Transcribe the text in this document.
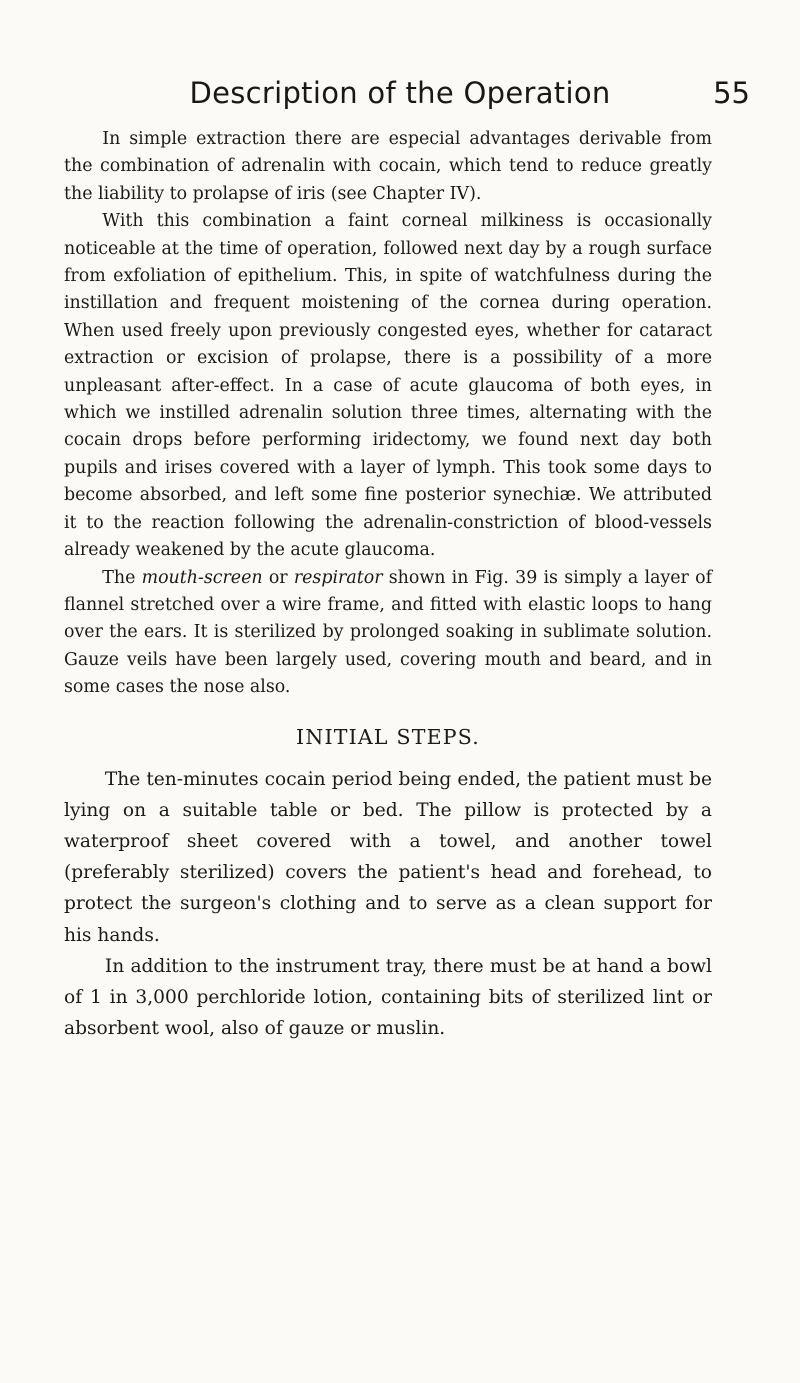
Description of the Operation	55

In simple extraction there are especial advantages derivable from the combination of adrenalin with cocain, which tend to reduce greatly the liability to prolapse of iris (see Chapter IV).

With this combination a faint corneal milkiness is occasionally noticeable at the time of operation, followed next day by a rough surface from exfoliation of epithelium. This, in spite of watchfulness during the instillation and frequent moistening of the cornea during operation. When used freely upon previously congested eyes, whether for cataract extraction or excision of prolapse, there is a possibility of a more unpleasant after-effect. In a case of acute glaucoma of both eyes, in which we instilled adrenalin solution three times, alternating with the cocain drops before performing iridectomy, we found next day both pupils and irises covered with a layer of lymph. This took some days to become absorbed, and left some fine posterior synechiæ. We attributed it to the reaction following the adrenalin-constriction of blood-vessels already weakened by the acute glaucoma.

The mouth-screen or respirator shown in Fig. 39 is simply a layer of flannel stretched over a wire frame, and fitted with elastic loops to hang over the ears. It is sterilized by prolonged soaking in sublimate solution. Gauze veils have been largely used, covering mouth and beard, and in some cases the nose also.

INITIAL STEPS.

The ten-minutes cocain period being ended, the patient must be lying on a suitable table or bed. The pillow is protected by a waterproof sheet covered with a towel, and another towel (preferably sterilized) covers the patient's head and forehead, to protect the surgeon's clothing and to serve as a clean support for his hands.

In addition to the instrument tray, there must be at hand a bowl of 1 in 3,000 perchloride lotion, containing bits of sterilized lint or absorbent wool, also of gauze or muslin.
